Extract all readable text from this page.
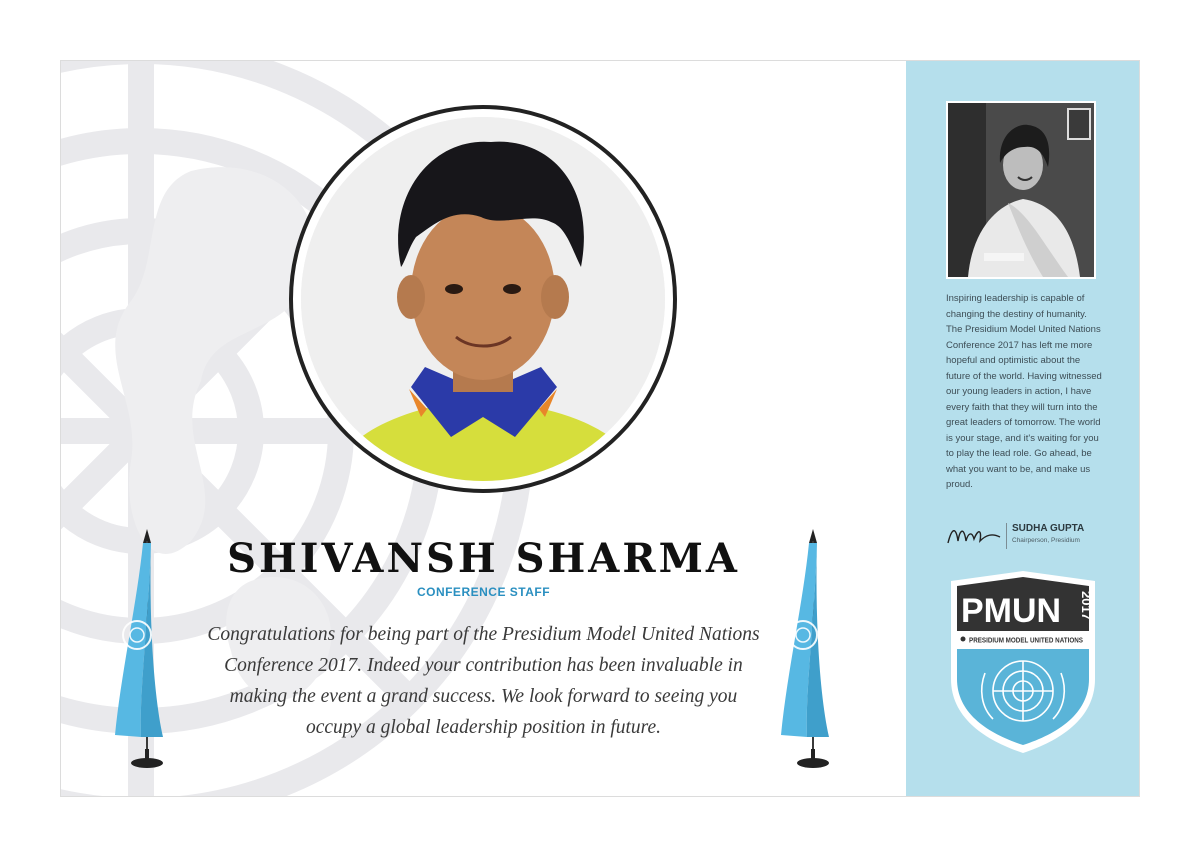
SHIVANSH SHARMA
CONFERENCE STAFF
Congratulations for being part of the Presidium Model United Nations Conference 2017. Indeed your contribution has been invaluable in making the event a grand success. We look forward to seeing you occupy a global leadership position in future.
Inspiring leadership is capable of changing the destiny of humanity. The Presidium Model United Nations Conference 2017 has left me more hopeful and optimistic about the future of the world. Having witnessed our young leaders in action, I have every faith that they will turn into the great leaders of tomorrow. The world is your stage, and it's waiting for you to play the lead role. Go ahead, be what you want to be, and make us proud.
SUDHA GUPTA
Chairperson, Presidium
PMUN 2017
PRESIDIUM MODEL UNITED NATIONS
